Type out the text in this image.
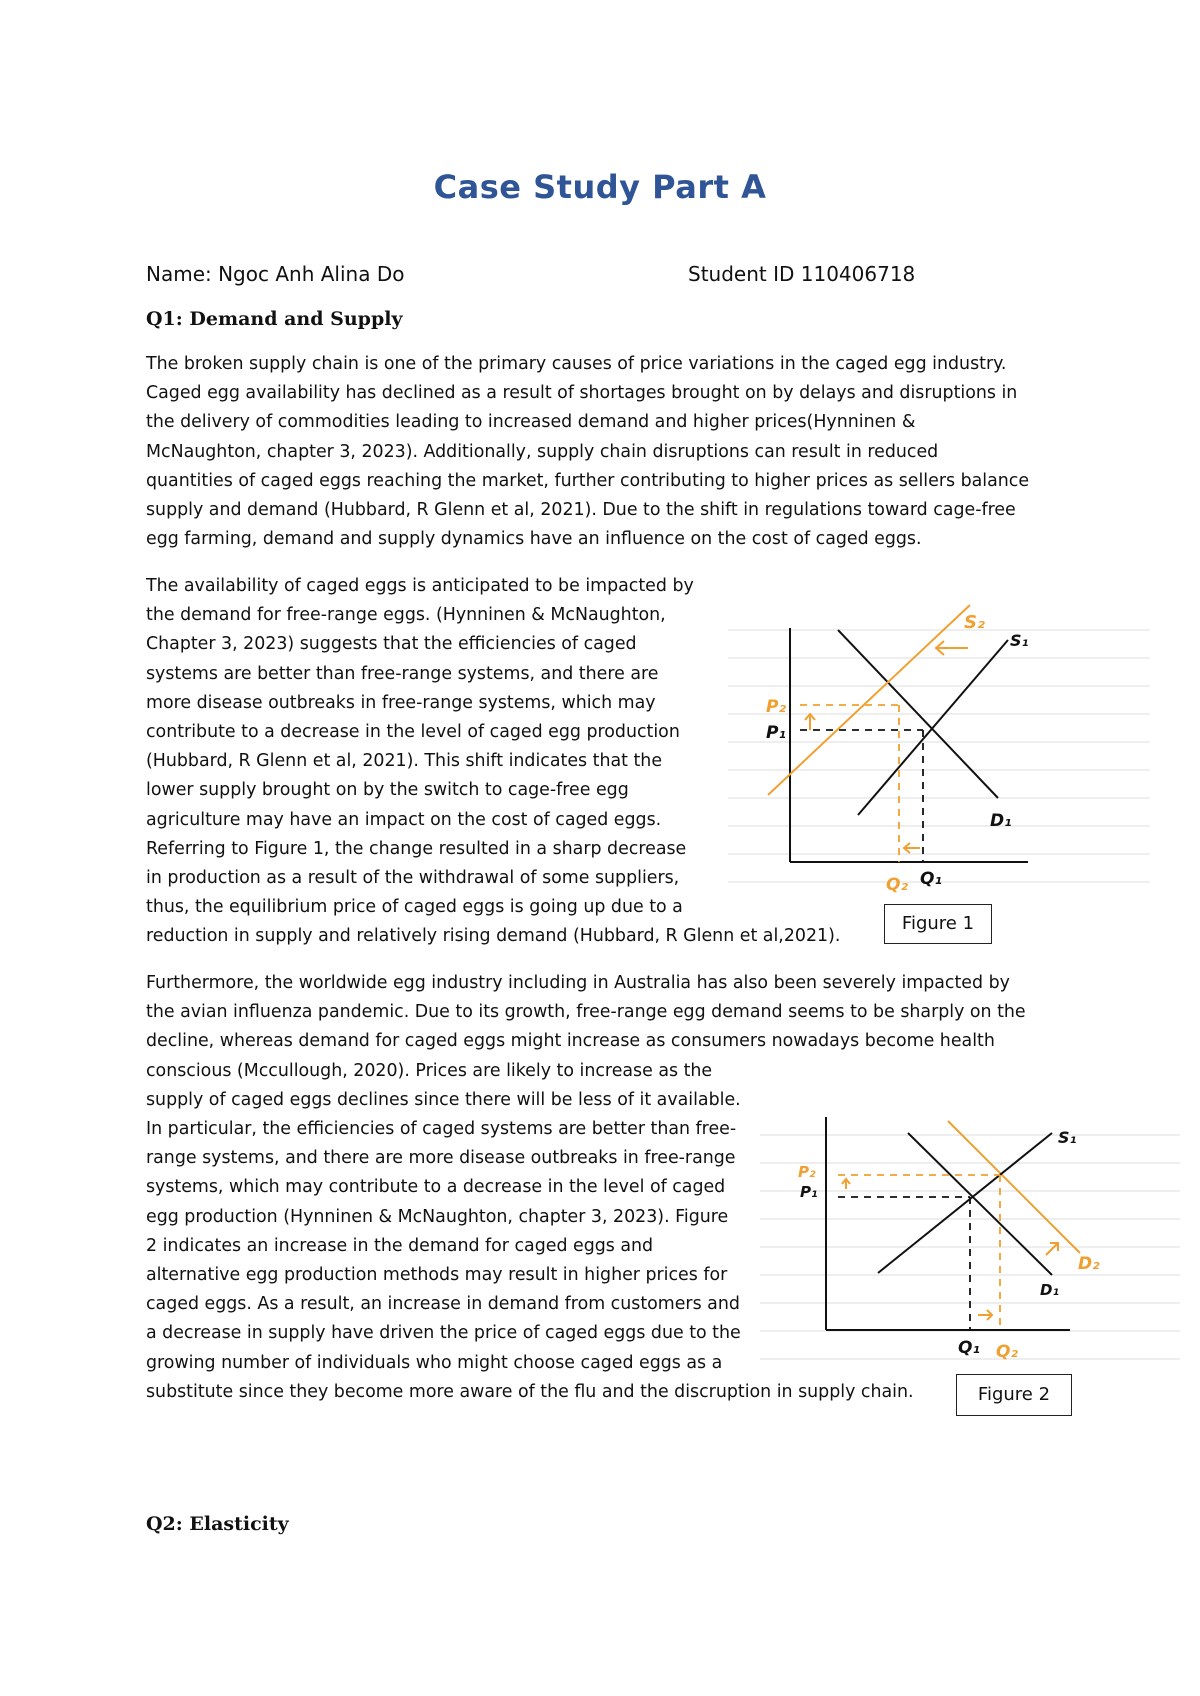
Case Study Part A
Name: Ngoc Anh Alina Do	Student ID 110406718
Q1: Demand and Supply
The broken supply chain is one of the primary causes of price variations in the caged egg industry.
Caged egg availability has declined as a result of shortages brought on by delays and disruptions in
the delivery of commodities leading to increased demand and higher prices(Hynninen &
McNaughton, chapter 3, 2023). Additionally, supply chain disruptions can result in reduced
quantities of caged eggs reaching the market, further contributing to higher prices as sellers balance
supply and demand (Hubbard, R Glenn et al, 2021). Due to the shift in regulations toward cage-free
egg farming, demand and supply dynamics have an influence on the cost of caged eggs.
The availability of caged eggs is anticipated to be impacted by
the demand for free-range eggs. (Hynninen & McNaughton,
Chapter 3, 2023) suggests that the efficiencies of caged
systems are better than free-range systems, and there are
more disease outbreaks in free-range systems, which may
contribute to a decrease in the level of caged egg production
(Hubbard, R Glenn et al, 2021). This shift indicates that the
lower supply brought on by the switch to cage-free egg
agriculture may have an impact on the cost of caged eggs.
Referring to Figure 1, the change resulted in a sharp decrease
in production as a result of the withdrawal of some suppliers,
thus, the equilibrium price of caged eggs is going up due to a
reduction in supply and relatively rising demand (Hubbard, R Glenn et al,2021).
Furthermore, the worldwide egg industry including in Australia has also been severely impacted by
the avian influenza pandemic. Due to its growth, free-range egg demand seems to be sharply on the
decline, whereas demand for caged eggs might increase as consumers nowadays become health
conscious (Mccullough, 2020). Prices are likely to increase as the
supply of caged eggs declines since there will be less of it available.
In particular, the efficiencies of caged systems are better than free-
range systems, and there are more disease outbreaks in free-range
systems, which may contribute to a decrease in the level of caged
egg production (Hynninen & McNaughton, chapter 3, 2023). Figure
2 indicates an increase in the demand for caged eggs and
alternative egg production methods may result in higher prices for
caged eggs. As a result, an increase in demand from customers and
a decrease in supply have driven the price of caged eggs due to the
growing number of individuals who might choose caged eggs as a
substitute since they become more aware of the flu and the discruption in supply chain.
Q2: Elasticity
S₂
S₁
D₁
P₂
P₁
Q₂ Q₁
Figure 1
S₁
D₂
D₁
P₂
P₁
Q₁ Q₂
Figure 2
